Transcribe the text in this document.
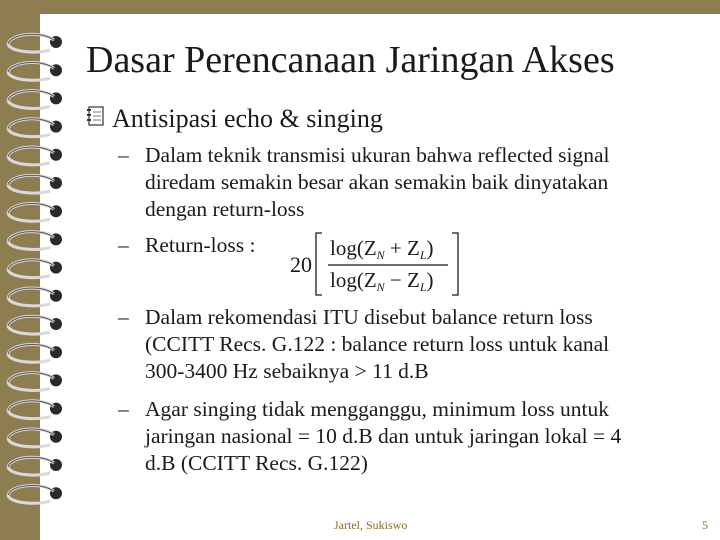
Dasar Perencanaan Jaringan Akses
Antisipasi echo & singing
– Dalam teknik transmisi ukuran bahwa reflected signal
diredam semakin besar akan semakin baik dinyatakan
dengan return-loss
– Return-loss :
20
log(ZN + ZL)
log(ZN − ZL)
– Dalam rekomendasi ITU disebut balance return loss
(CCITT Recs. G.122 : balance return loss untuk kanal
300-3400 Hz sebaiknya > 11 d.B
– Agar singing tidak mengganggu, minimum loss untuk
jaringan nasional = 10 d.B dan untuk jaringan lokal = 4
d.B (CCITT Recs. G.122)
Jartel, Sukiswo	5
